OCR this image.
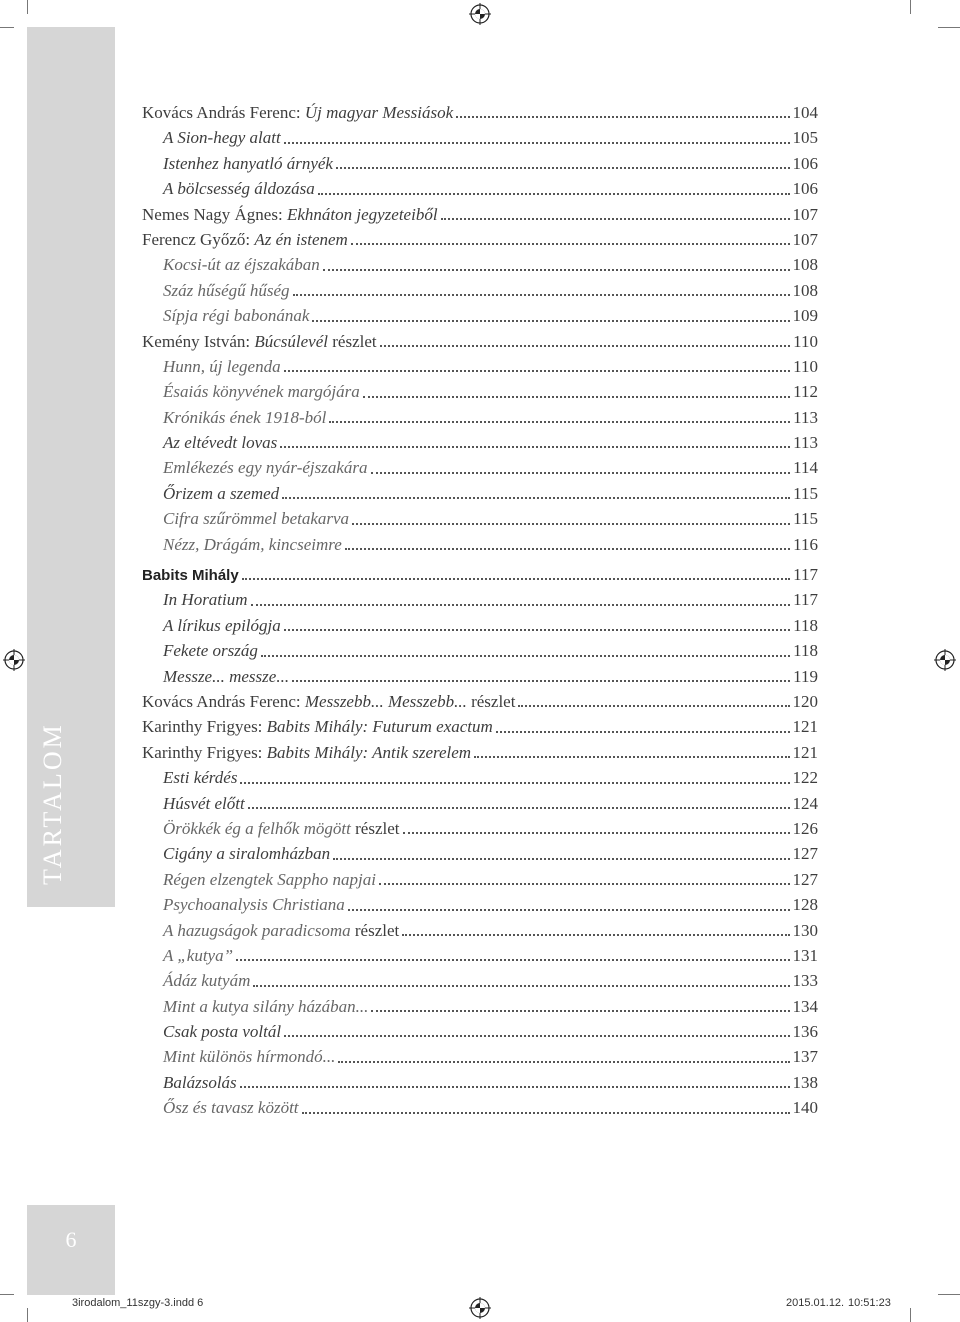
TARTALOM
6
Kovács András Ferenc: Új magyar Messiások	104
A Sion-hegy alatt	105
Istenhez hanyatló árnyék	106
A bölcsesség áldozása	106
Nemes Nagy Ágnes: Ekhnáton jegyzeteiből	107
Ferencz Győző: Az én istenem	107
Kocsi-út az éjszakában	108
Száz hűségű hűség	108
Sípja régi babonának	109
Kemény István: Búcsúlevél részlet	110
Hunn, új legenda	110
Ésaiás könyvének margójára	112
Krónikás ének 1918-ból	113
Az eltévedt lovas	113
Emlékezés egy nyár-éjszakára	114
Őrizem a szemed	115
Cifra szűrömmel betakarva	115
Nézz, Drágám, kincseimre	116
Babits Mihály	117
In Horatium	117
A lírikus epilógja	118
Fekete ország	118
Messze... messze...	119
Kovács András Ferenc: Messzebb... Messzebb... részlet	120
Karinthy Frigyes: Babits Mihály: Futurum exactum	121
Karinthy Frigyes: Babits Mihály: Antik szerelem	121
Esti kérdés	122
Húsvét előtt	124
Örökkék ég a felhők mögött részlet	126
Cigány a siralomházban	127
Régen elzengtek Sappho napjai	127
Psychoanalysis Christiana	128
A hazugságok paradicsoma részlet	130
A „kutya”	131
Ádáz kutyám	133
Mint a kutya silány házában...	134
Csak posta voltál	136
Mint különös hírmondó...	137
Balázsolás	138
Ősz és tavasz között	140
3irodalom_11szgy-3.indd 6	2015.01.12. 10:51:23
